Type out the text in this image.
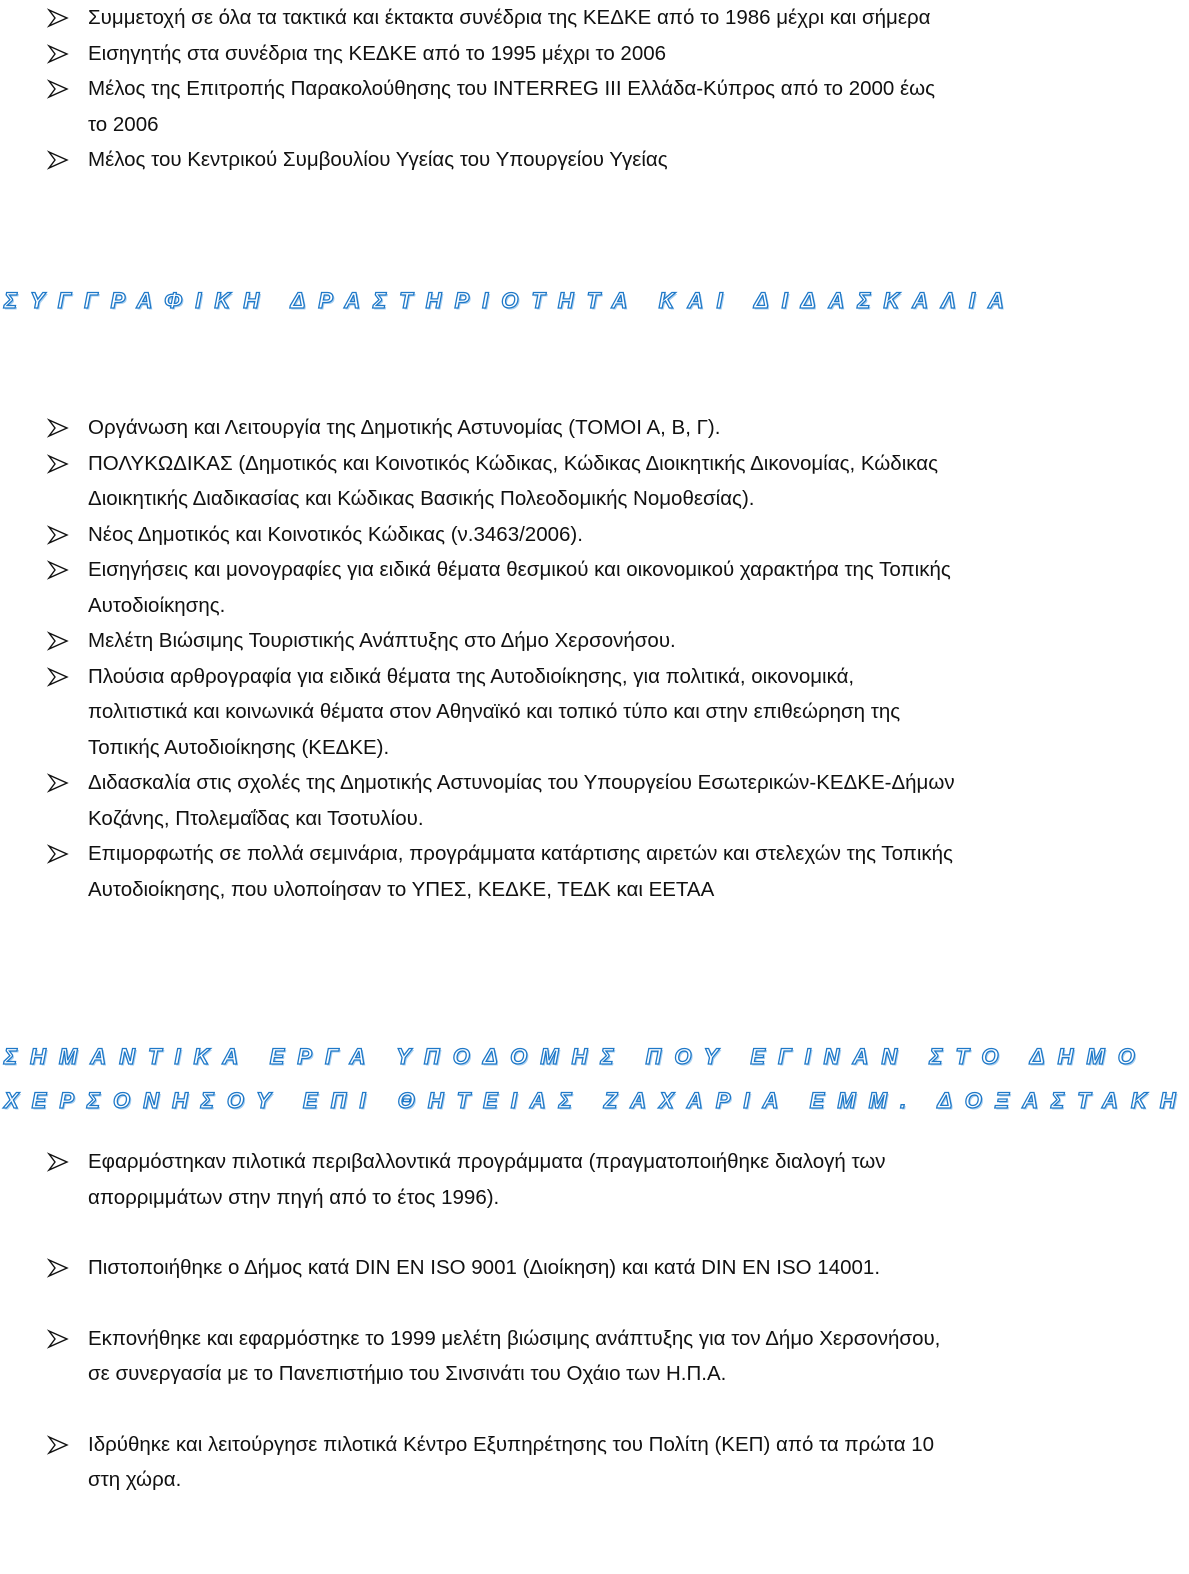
Συμμετοχή σε όλα τα τακτικά και έκτακτα συνέδρια της ΚΕΔΚΕ από το 1986 μέχρι και σήμερα
Εισηγητής στα συνέδρια της ΚΕΔΚΕ από το 1995 μέχρι το 2006
Μέλος της Επιτροπής Παρακολούθησης του INTERREG III Ελλάδα-Κύπρος από το 2000 έως το 2006
Μέλος του Κεντρικού Συμβουλίου Υγείας του Υπουργείου Υγείας
ΣΥΓΓΡΑΦΙΚΗ ΔΡΑΣΤΗΡΙΟΤΗΤΑ ΚΑΙ ΔΙΔΑΣΚΑΛΙΑ
Οργάνωση και Λειτουργία της Δημοτικής Αστυνομίας (ΤΟΜΟΙ Α, Β, Γ).
ΠΟΛΥΚΩΔΙΚΑΣ (Δημοτικός και Κοινοτικός Κώδικας, Κώδικας Διοικητικής Δικονομίας, Κώδικας Διοικητικής Διαδικασίας και Κώδικας Βασικής Πολεοδομικής Νομοθεσίας).
Νέος Δημοτικός και Κοινοτικός Κώδικας (ν.3463/2006).
Εισηγήσεις και μονογραφίες για ειδικά θέματα θεσμικού και οικονομικού χαρακτήρα της Τοπικής Αυτοδιοίκησης.
Μελέτη Βιώσιμης Τουριστικής Ανάπτυξης στο Δήμο Χερσονήσου.
Πλούσια αρθρογραφία για ειδικά θέματα της Αυτοδιοίκησης, για πολιτικά, οικονομικά, πολιτιστικά και κοινωνικά θέματα στον Αθηναϊκό και τοπικό τύπο και στην επιθεώρηση της Τοπικής Αυτοδιοίκησης (ΚΕΔΚΕ).
Διδασκαλία στις σχολές της Δημοτικής Αστυνομίας του Υπουργείου Εσωτερικών-ΚΕΔΚΕ-Δήμων Κοζάνης, Πτολεμαΐδας και Τσοτυλίου.
Επιμορφωτής σε πολλά σεμινάρια, προγράμματα κατάρτισης αιρετών και στελεχών της Τοπικής Αυτοδιοίκησης, που υλοποίησαν το ΥΠΕΣ, ΚΕΔΚΕ, ΤΕΔΚ και ΕΕΤΑΑ
ΣΗΜΑΝΤΙΚΑ ΕΡΓΑ ΥΠΟΔΟΜΗΣ ΠΟΥ ΕΓΙΝΑΝ ΣΤΟ ΔΗΜΟ
ΧΕΡΣΟΝΗΣΟΥ ΕΠΙ ΘΗΤΕΙΑΣ ΖΑΧΑΡΙΑ ΕΜΜ. ΔΟΞΑΣΤΑΚΗ
Εφαρμόστηκαν πιλοτικά περιβαλλοντικά προγράμματα (πραγματοποιήθηκε διαλογή των απορριμμάτων στην πηγή από το έτος 1996).
Πιστοποιήθηκε ο Δήμος κατά DIN EN ISO 9001 (Διοίκηση) και κατά DIN EN ISO 14001.
Εκπονήθηκε και εφαρμόστηκε το 1999 μελέτη βιώσιμης ανάπτυξης για τον Δήμο Χερσονήσου, σε συνεργασία με το Πανεπιστήμιο του Σινσινάτι του Οχάιο των Η.Π.Α.
Ιδρύθηκε και λειτούργησε πιλοτικά Κέντρο Εξυπηρέτησης του Πολίτη (ΚΕΠ) από τα πρώτα 10 στη χώρα.
